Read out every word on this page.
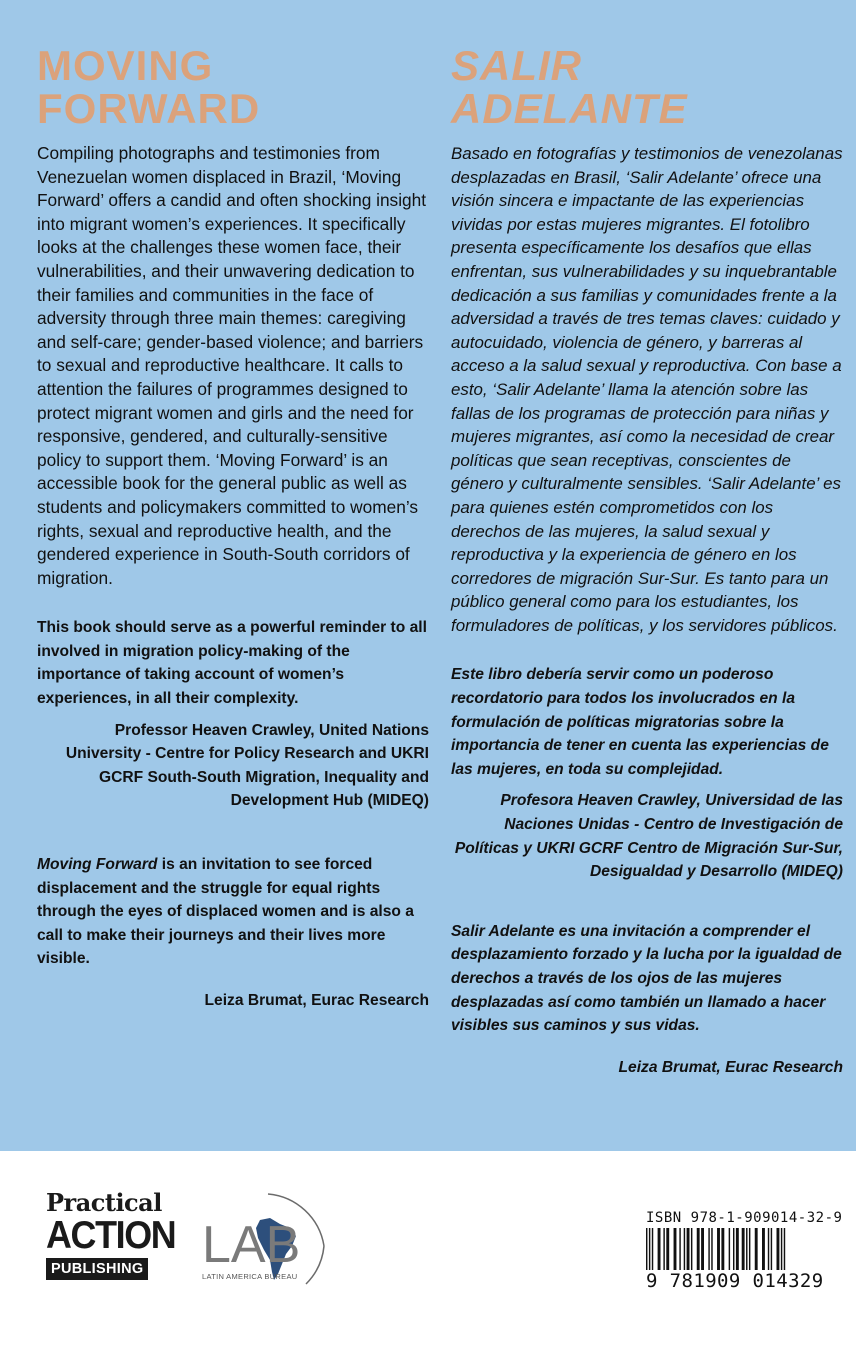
MOVING
FORWARD

Compiling photographs and testimonies from Venezuelan women displaced in Brazil, ‘Moving Forward’ offers a candid and often shocking insight into migrant women’s experiences. It specifically looks at the challenges these women face, their vulnerabilities, and their unwavering dedication to their families and communities in the face of adversity through three main themes: caregiving and self-care; gender-based violence; and barriers to sexual and reproductive healthcare. It calls to attention the failures of programmes designed to protect migrant women and girls and the need for responsive, gendered, and culturally-sensitive policy to support them. ‘Moving Forward’ is an accessible book for the general public as well as students and policymakers committed to women’s rights, sexual and reproductive health, and the gendered experience in South-South corridors of migration.

This book should serve as a powerful reminder to all involved in migration policy-making of the importance of taking account of women’s experiences, in all their complexity.

Professor Heaven Crawley, United Nations University - Centre for Policy Research and UKRI GCRF South-South Migration, Inequality and Development Hub (MIDEQ)

Moving Forward is an invitation to see forced displacement and the struggle for equal rights through the eyes of displaced women and is also a call to make their journeys and their lives more visible.

Leiza Brumat, Eurac Research

SALIR
ADELANTE

Basado en fotografías y testimonios de venezolanas desplazadas en Brasil, ‘Salir Adelante’ ofrece una visión sincera e impactante de las experiencias vividas por estas mujeres migrantes. El fotolibro presenta específicamente los desafíos que ellas enfrentan, sus vulnerabilidades y su inquebrantable dedicación a sus familias y comunidades frente a la adversidad a través de tres temas claves: cuidado y autocuidado, violencia de género, y barreras al acceso a la salud sexual y reproductiva. Con base a esto, ‘Salir Adelante’ llama la atención sobre las fallas de los programas de protección para niñas y mujeres migrantes, así como la necesidad de crear políticas que sean receptivas, conscientes de género y culturalmente sensibles. ‘Salir Adelante’ es para quienes estén comprometidos con los derechos de las mujeres, la salud sexual y reproductiva y la experiencia de género en los corredores de migración Sur-Sur. Es tanto para un público general como para los estudiantes, los formuladores de políticas, y los servidores públicos.

Este libro debería servir como un poderoso recordatorio para todos los involucrados en la formulación de políticas migratorias sobre la importancia de tener en cuenta las experiencias de las mujeres, en toda su complejidad.

Profesora Heaven Crawley, Universidad de las Naciones Unidas - Centro de Investigación de Políticas y UKRI GCRF Centro de Migración Sur-Sur, Desigualdad y Desarrollo (MIDEQ)

Salir Adelante es una invitación a comprender el desplazamiento forzado y la lucha por la igualdad de derechos a través de los ojos de las mujeres desplazadas así como también un llamado a hacer visibles sus caminos y sus vidas.

Leiza Brumat, Eurac Research

Practical
ACTION
PUBLISHING LAB
LATIN AMERICA BUREAU
ISBN 978-1-909014-32-9
9 781909 014329
